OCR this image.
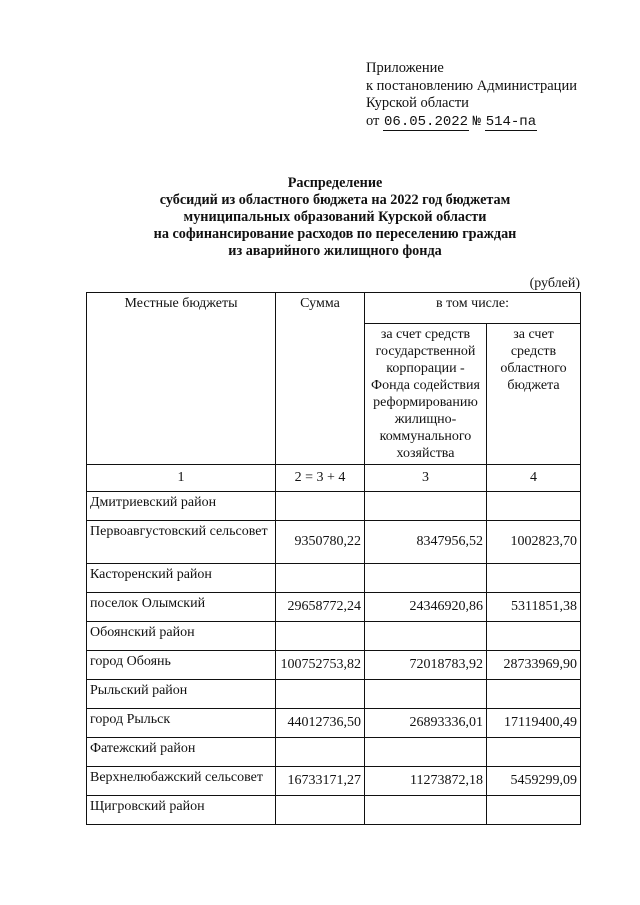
Приложение
к постановлению Администрации
Курской области
от 06.05.2022 № 514-па
Распределение
субсидий из областного бюджета на 2022 год бюджетам
муниципальных образований Курской области
на софинансирование расходов по переселению граждан
из аварийного жилищного фонда
(рублей)
Местные бюджеты	Сумма	в том числе:	
		за счет средств государственной корпорации - Фонда содействия реформированию жилищно-коммунального хозяйства	за счет средств областного бюджета
1	2 = 3 + 4	3	4
Дмитриевский район			
Первоавгустовский сельсовет	9350780,22	8347956,52	1002823,70
Касторенский район			
поселок Олымский	29658772,24	24346920,86	5311851,38
Обоянский район			
город Обоянь	100752753,82	72018783,92	28733969,90
Рыльский район			
город Рыльск	44012736,50	26893336,01	17119400,49
Фатежский район			
Верхнелюбажский сельсовет	16733171,27	11273872,18	5459299,09
Щигровский район			
